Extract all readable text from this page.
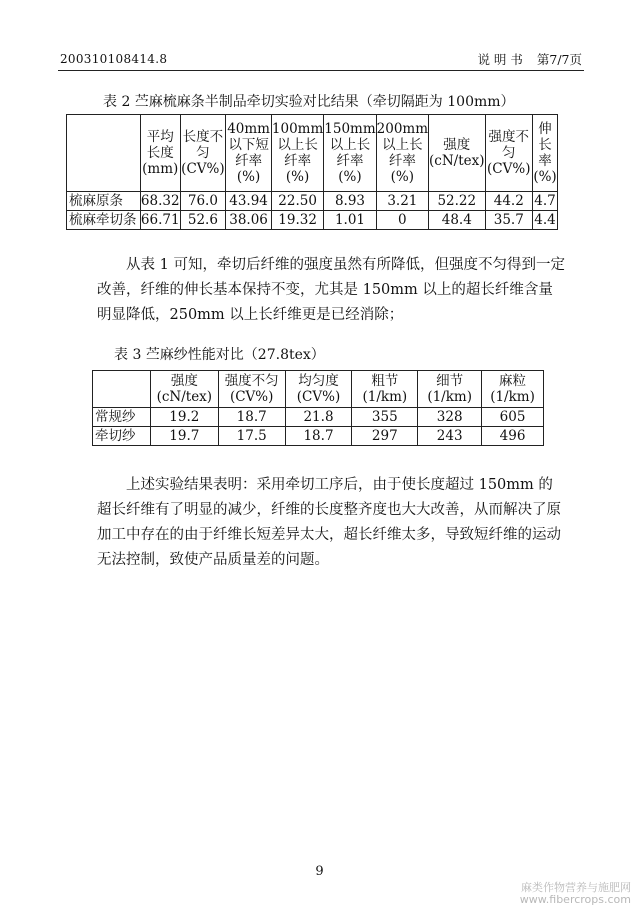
200310108414.8	说 明 书 第7/7页
表 2 苎麻梳麻条半制品牵切实验对比结果（牵切隔距为 100mm）
	平均
长度
(mm)	长度不
匀
(CV%)	40mm
以下短
纤率
(%)	100mm
以上长
纤率
(%)	150mm
以上长
纤率
(%)	200mm
以上长
纤率
(%)	强度
(cN/tex)	强度不
匀
(CV%)	伸
长
率
(%)
梳麻原条	68.32	76.0	43.94	22.50	8.93	3.21	52.22	44.2	4.7
梳麻牵切条	66.71	52.6	38.06	19.32	1.01	0	48.4	35.7	4.4

从表 1 可知，牵切后纤维的强度虽然有所降低，但强度不匀得到一定改善，纤维的伸长基本保持不变，尤其是 150mm 以上的超长纤维含量明显降低，250mm 以上长纤维更是已经消除；

表 3 苎麻纱性能对比（27.8tex）
	强度
(cN/tex)	强度不匀
(CV%)	均匀度
(CV%)	粗节
(1/km)	细节
(1/km)	麻粒
(1/km)
常规纱	19.2	18.7	21.8	355	328	605
牵切纱	19.7	17.5	18.7	297	243	496

上述实验结果表明：采用牵切工序后，由于使长度超过 150mm 的超长纤维有了明显的减少，纤维的长度整齐度也大大改善，从而解决了原加工中存在的由于纤维长短差异太大，超长纤维太多，导致短纤维的运动无法控制，致使产品质量差的问题。

9
麻类作物营养与施肥网
www.fibercrops.com
